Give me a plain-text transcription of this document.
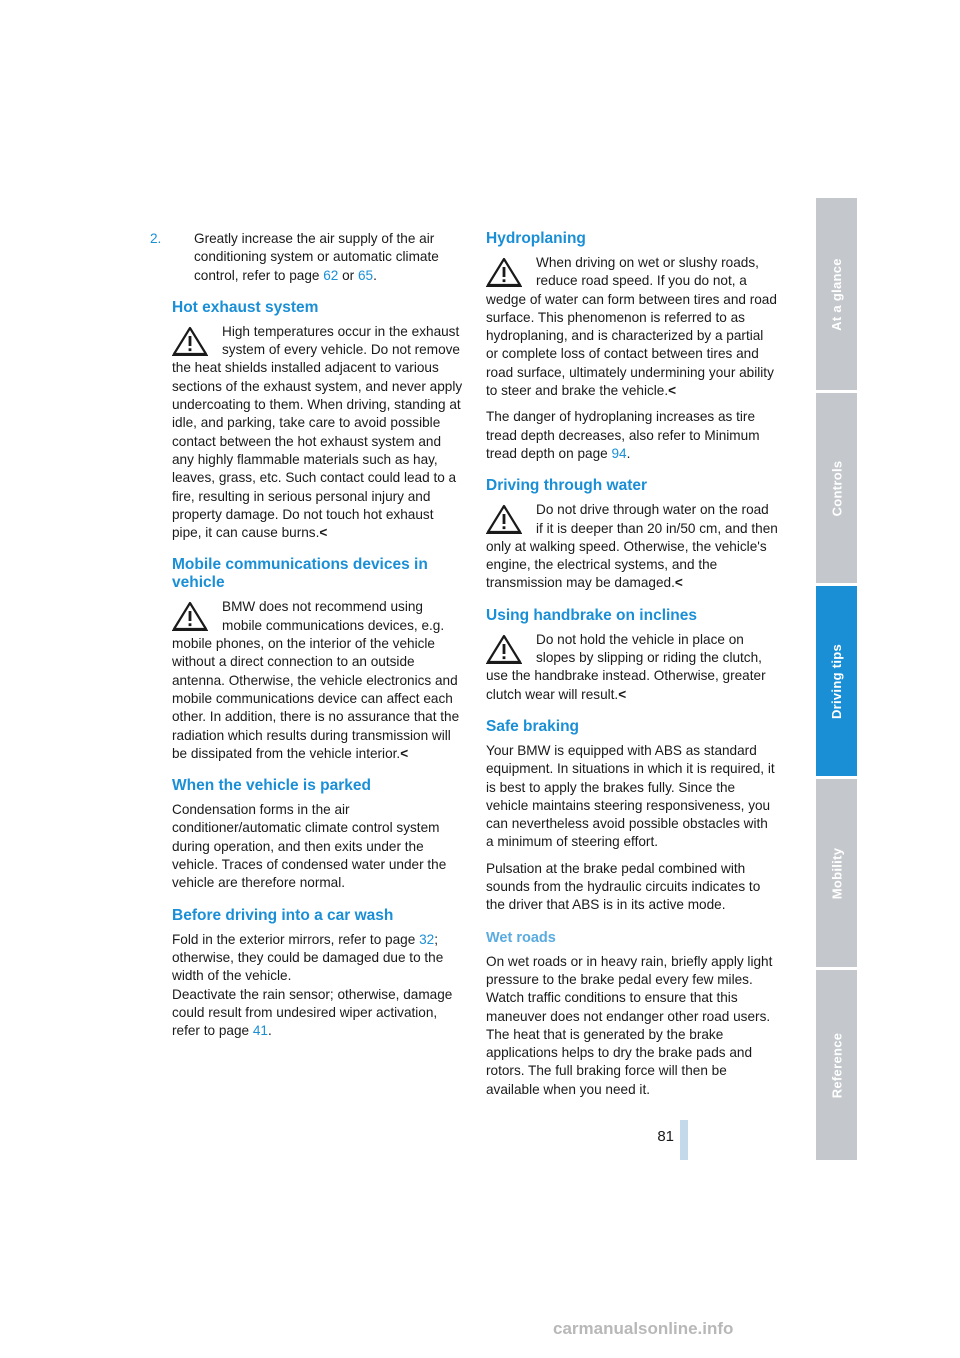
2. Greatly increase the air supply of the air conditioning system or automatic climate control, refer to page 62 or 65.

Hot exhaust system

High temperatures occur in the exhaust system of every vehicle. Do not remove the heat shields installed adjacent to various sections of the exhaust system, and never apply undercoating to them. When driving, standing at idle, and parking, take care to avoid possible contact between the hot exhaust system and any highly flammable materials such as hay, leaves, grass, etc. Such contact could lead to a fire, resulting in serious personal injury and property damage. Do not touch hot exhaust pipe, it can cause burns.<

Mobile communications devices in vehicle

BMW does not recommend using mobile communications devices, e.g. mobile phones, on the interior of the vehicle without a direct connection to an outside antenna. Otherwise, the vehicle electronics and mobile communications device can affect each other. In addition, there is no assurance that the radiation which results during transmission will be dissipated from the vehicle interior.<

When the vehicle is parked

Condensation forms in the air conditioner/automatic climate control system during operation, and then exits under the vehicle. Traces of condensed water under the vehicle are therefore normal.

Before driving into a car wash

Fold in the exterior mirrors, refer to page 32; otherwise, they could be damaged due to the width of the vehicle.
Deactivate the rain sensor; otherwise, damage could result from undesired wiper activation, refer to page 41.

Hydroplaning

When driving on wet or slushy roads, reduce road speed. If you do not, a wedge of water can form between tires and road surface. This phenomenon is referred to as hydroplaning, and is characterized by a partial or complete loss of contact between tires and road surface, ultimately undermining your ability to steer and brake the vehicle.<

The danger of hydroplaning increases as tire tread depth decreases, also refer to Minimum tread depth on page 94.

Driving through water

Do not drive through water on the road if it is deeper than 20 in/50 cm, and then only at walking speed. Otherwise, the vehicle's engine, the electrical systems, and the transmission may be damaged.<

Using handbrake on inclines

Do not hold the vehicle in place on slopes by slipping or riding the clutch, use the handbrake instead. Otherwise, greater clutch wear will result.<

Safe braking

Your BMW is equipped with ABS as standard equipment. In situations in which it is required, it is best to apply the brakes fully. Since the vehicle maintains steering responsiveness, you can nevertheless avoid possible obstacles with a minimum of steering effort.

Pulsation at the brake pedal combined with sounds from the hydraulic circuits indicates to the driver that ABS is in its active mode.

Wet roads

On wet roads or in heavy rain, briefly apply light pressure to the brake pedal every few miles. Watch traffic conditions to ensure that this maneuver does not endanger other road users. The heat that is generated by the brake applications helps to dry the brake pads and rotors. The full braking force will then be available when you need it.

At a glance
Controls
Driving tips
Mobility
Reference
81
carmanualsonline.info
